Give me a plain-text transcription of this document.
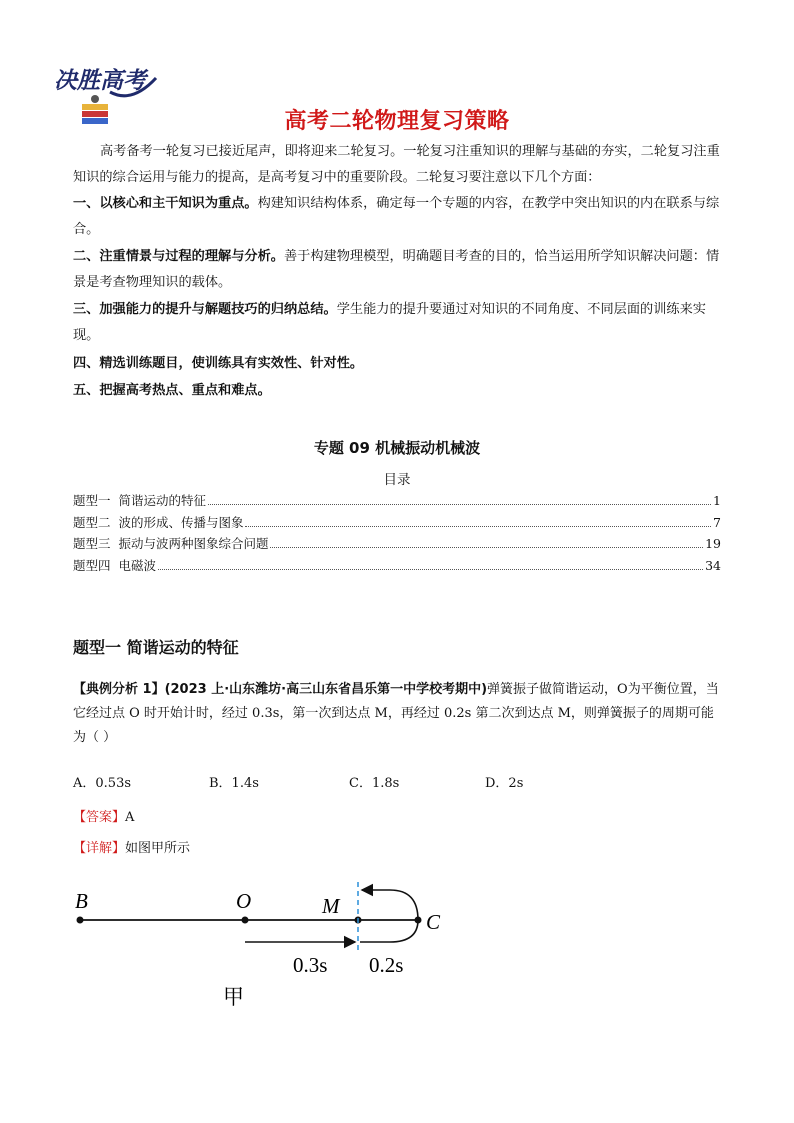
决胜高考
高考二轮物理复习策略
高考备考一轮复习已接近尾声，即将迎来二轮复习。一轮复习注重知识的理解与基础的夯实，二轮复习注重知识的综合运用与能力的提高，是高考复习中的重要阶段。二轮复习要注意以下几个方面：
一、以核心和主干知识为重点。构建知识结构体系，确定每一个专题的内容，在教学中突出知识的内在联系与综合。
二、注重情景与过程的理解与分析。善于构建物理模型，明确题目考查的目的，恰当运用所学知识解决问题：情景是考查物理知识的载体。
三、加强能力的提升与解题技巧的归纳总结。学生能力的提升要通过对知识的不同角度、不同层面的训练来实现。
四、精选训练题目，使训练具有实效性、针对性。
五、把握高考热点、重点和难点。
专题 09 机械振动机械波
目录
题型一  简谐运动的特征	1
题型二  波的形成、传播与图象	7
题型三  振动与波两种图象综合问题	19
题型四  电磁波	34
题型一 简谐运动的特征
【典例分析 1】(2023 上·山东潍坊·高三山东省昌乐第一中学校考期中)弹簧振子做简谐运动，O为平衡位置，当它经过点 O 时开始计时，经过 0.3s，第一次到达点 M，再经过 0.2s 第二次到达点 M，则弹簧振子的周期可能为（ ）
A．0.53s	B．1.4s	C．1.8s	D．2s
【答案】A
【详解】如图甲所示
B	O	M
C
0.3s 0.2s
甲
